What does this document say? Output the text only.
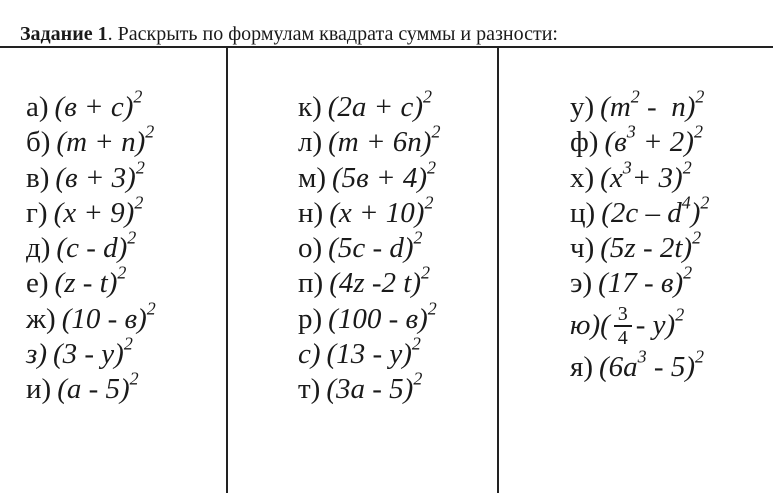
Задание 1. Раскрыть по формулам квадрата суммы и разности:
а) $(в + с)^2$
б) $(m + n)^2$
в) $(в + 3)^2$
г) $(x + 9)^2$
д) (c - d)$^2$
е) (z - t)$^2$
ж) (10 - в)$^2$
з) (3 - y)$^2$
и) (a - 5)$^2$
к) $(2a + c)^2$
л) $(m + 6n)^2$
м) $(5в + 4)^2$
н) $(x + 10)^2$
о) (5c - d)$^2$
п) (4z -2 t)$^2$
р) (100 - в)$^2$
с) (13 - y)$^2$
т) (3a - 5)$^2$
у) $(m^2 - n)^2$
ф) $(в^3 + 2)^2$
х) $(x^3+ 3)^2$
ц) $(2c - d^4)^2$
ч) (5z - 2t)$^2$
э) (17 - в)$^2$
$ю)( \frac{3}{4} - y)^2$
я) $(6a^3 - 5)^2$
